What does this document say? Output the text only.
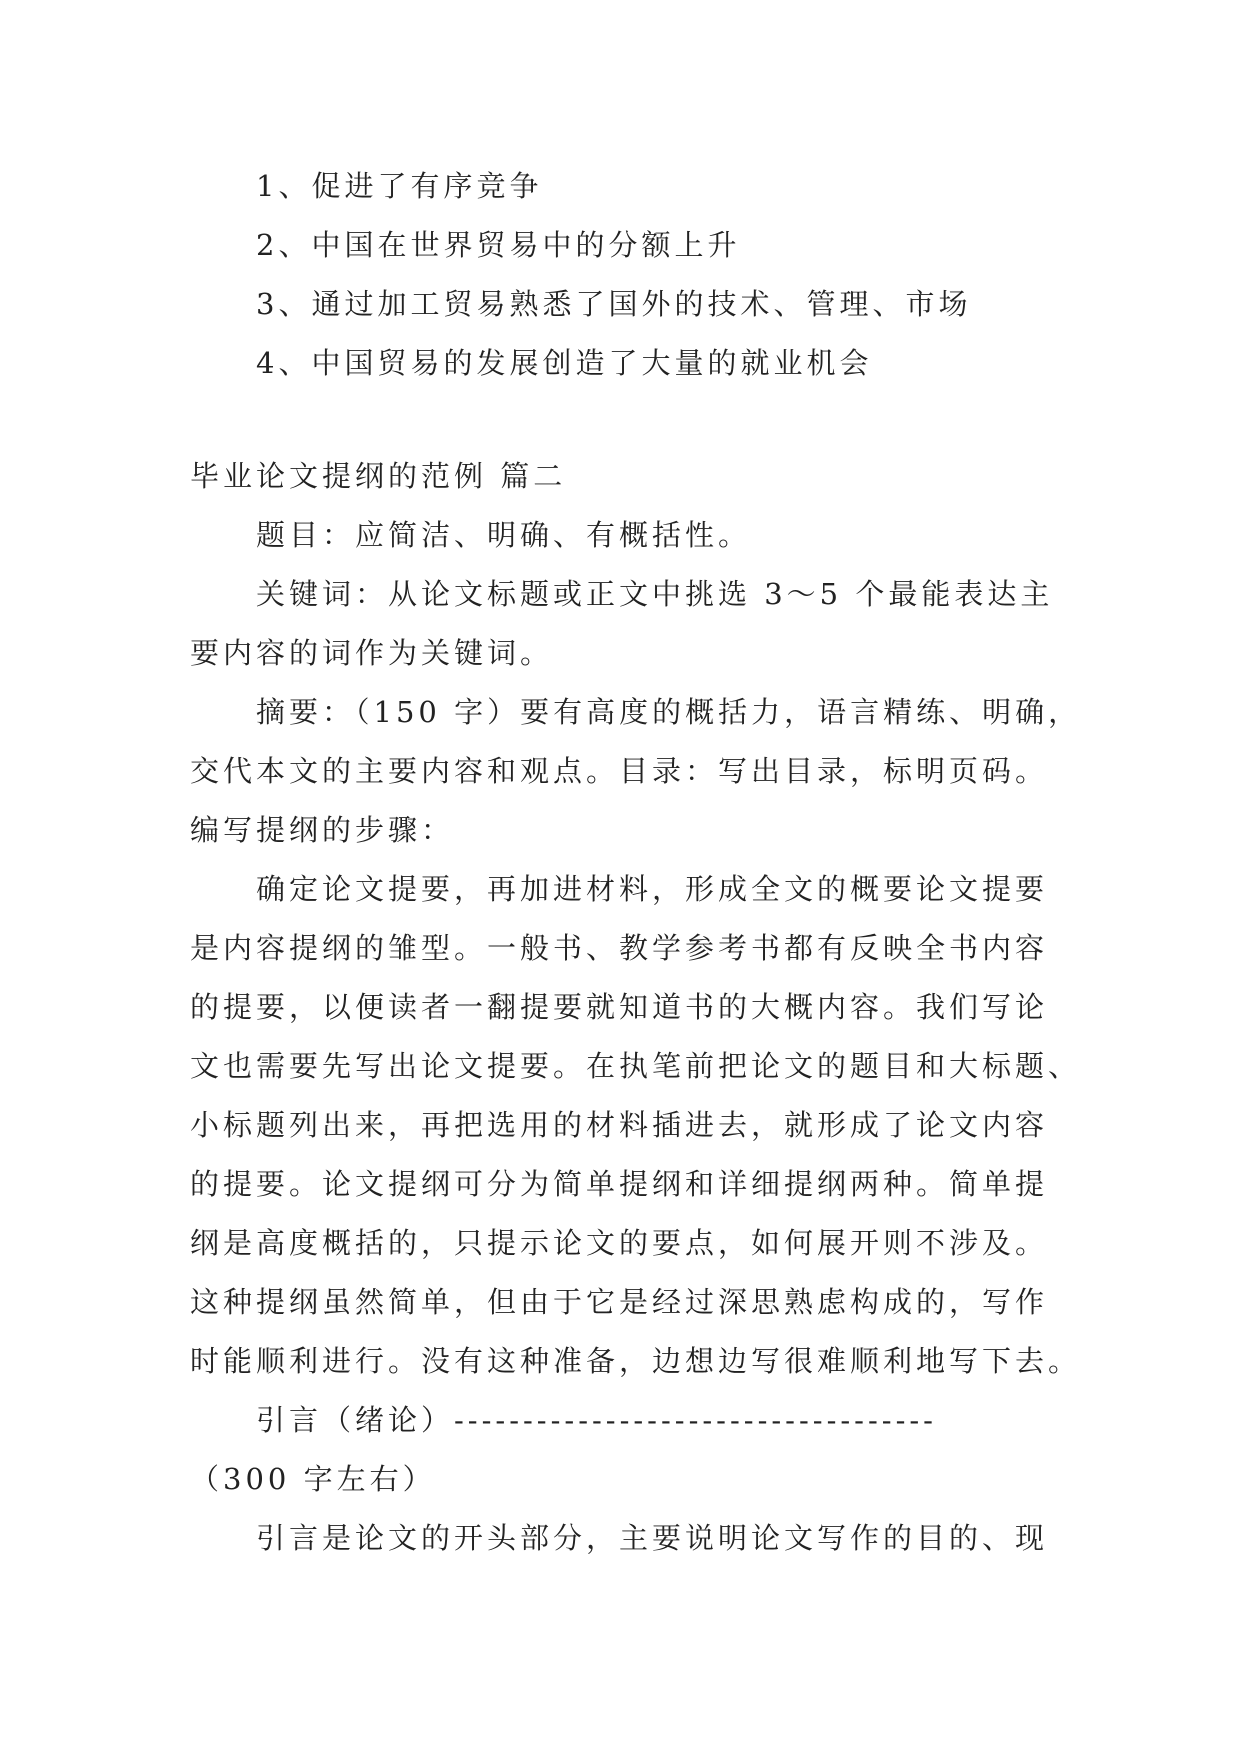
1、促进了有序竞争
2、中国在世界贸易中的分额上升
3、通过加工贸易熟悉了国外的技术、管理、市场
4、中国贸易的发展创造了大量的就业机会
毕业论文提纲的范例 篇二
题目：应简洁、明确、有概括性。
关键词：从论文标题或正文中挑选 3～5 个最能表达主
要内容的词作为关键词。
摘要：（150 字）要有高度的概括力，语言精练、明确，
交代本文的主要内容和观点。目录：写出目录，标明页码。
编写提纲的步骤：
确定论文提要，再加进材料，形成全文的概要论文提要
是内容提纲的雏型。一般书、教学参考书都有反映全书内容
的提要，以便读者一翻提要就知道书的大概内容。我们写论
文也需要先写出论文提要。在执笔前把论文的题目和大标题、
小标题列出来，再把选用的材料插进去，就形成了论文内容
的提要。论文提纲可分为简单提纲和详细提纲两种。简单提
纲是高度概括的，只提示论文的要点，如何展开则不涉及。
这种提纲虽然简单，但由于它是经过深思熟虑构成的，写作
时能顺利进行。没有这种准备，边想边写很难顺利地写下去。
引言（绪论）-----------------------------------
（300 字左右）
引言是论文的开头部分，主要说明论文写作的目的、现
